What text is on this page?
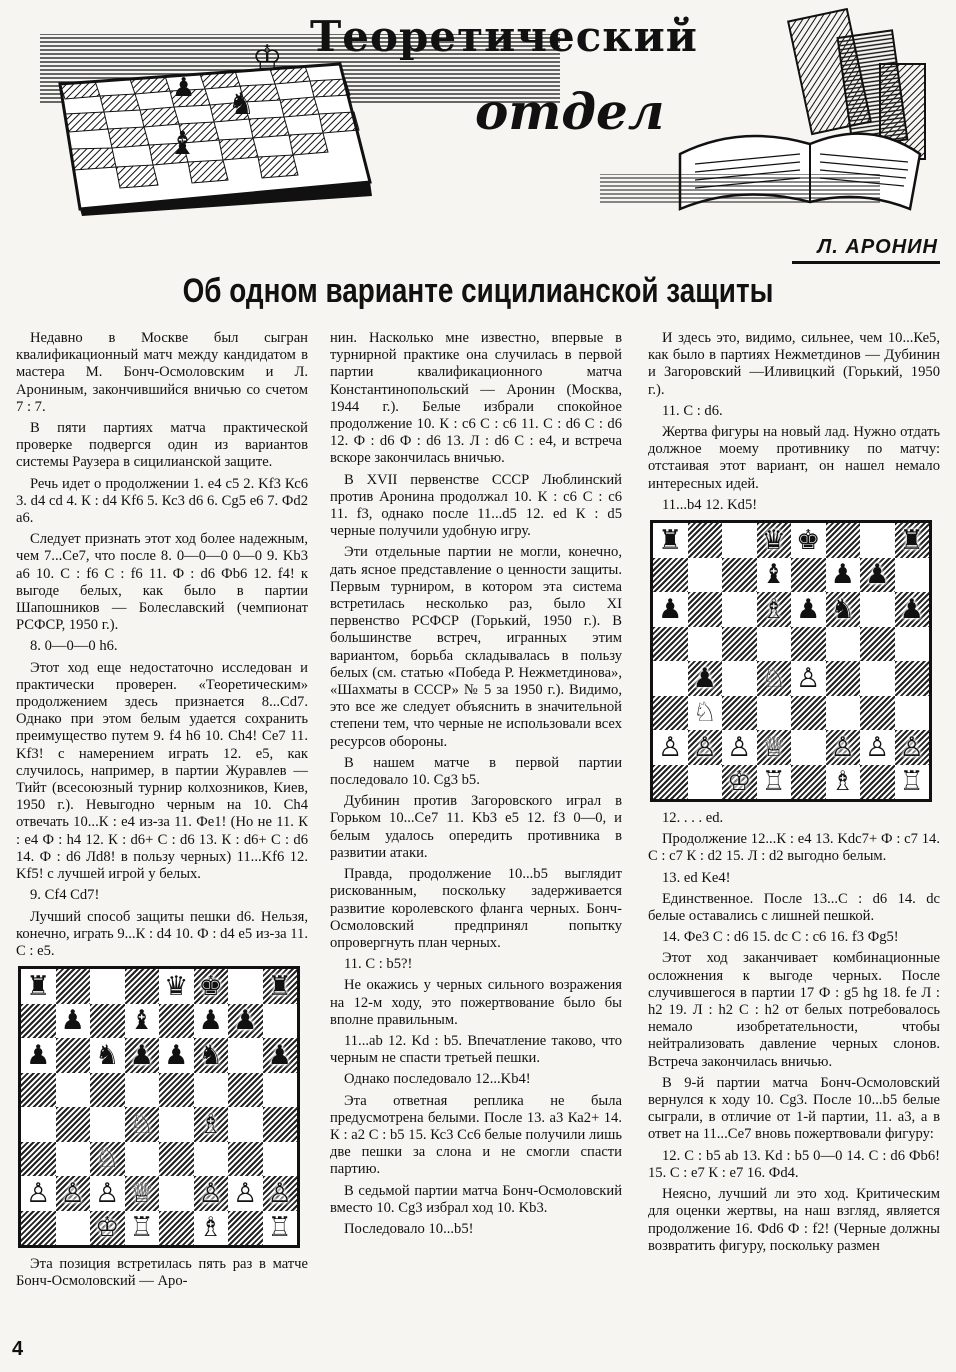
♔
♟ ♞
♝
Теоретический
отдел
Л. АРОНИН
Об одном варианте сицилианской защиты

Недавно в Москве был сыгран квалификационный матч между кандидатом в мастера М. Бонч-Осмоловским и Л. Арониным, закончившийся вничью со счетом 7 : 7.

В пяти партиях матча практической проверке подвергся один из вариантов системы Раузера в сицилианской защите.

Речь идет о продолжении 1. е4 с5 2. Kf3 Кс6 3. d4 cd 4. К : d4 Kf6 5. Кс3 d6 6. Cg5 e6 7. Фd2 a6.

Следует признать этот ход более надежным, чем 7...Се7, что после 8. 0—0—0 0—0 9. Kb3 a6 10. С : f6 С : f6 11. Ф : d6 Фb6 12. f4! к выгоде белых, как было в партии Шапошников — Болеславский (чемпионат РСФСР, 1950 г.).

8. 0—0—0 h6.

Этот ход еще недостаточно исследован и практически проверен. «Теоретическим» продолжением здесь признается 8...Cd7. Однако при этом белым удается сохранить преимущество путем 9. f4 h6 10. Ch4! Се7 11. Kf3! с намерением играть 12. е5, как случилось, например, в партии Журавлев — Тийт (всесоюзный турнир колхозников, Киев, 1950 г.). Невыгодно черным на 10. Ch4 отвечать 10...К : е4 из-за 11. Фе1! (Но не 11. К : е4 Ф : h4 12. К : d6+ С : d6 13. К : d6+ С : d6 14. Ф : d6 Лd8! в пользу черных) 11...Kf6 12. Kf5! с лучшей игрой у белых.

9. Cf4 Cd7!

Лучший способ защиты пешки d6. Нельзя, конечно, играть 9...К : d4 10. Ф : d4 е5 из-за 11. С : е5.

♜	♛ ♚ ♜
♟ ♝ ♟ ♟
♟ ♞ ♟ ♟ ♞ ♟
♘ ♗
♘
♙ ♙ ♙ ♕ ♙ ♙ ♙
♔ ♖ ♗ ♖

Эта позиция встретилась пять раз в матче Бонч-Осмоловский — Аро-

нин. Насколько мне известно, впервые в турнирной практике она случилась в первой партии квалификационного матча Константинопольский — Аронин (Москва, 1944 г.). Белые избрали спокойное продолжение 10. К : с6 С : с6 11. С : d6 С : d6 12. Ф : d6 Ф : d6 13. Л : d6 С : е4, и встреча вскоре закончилась вничью.

В XVII первенстве СССР Люблинский против Аронина продолжал 10. К : с6 С : с6 11. f3, однако после 11...d5 12. ed К : d5 черные получили удобную игру.

Эти отдельные партии не могли, конечно, дать ясное представление о ценности защиты. Первым турниром, в котором эта система встретилась несколько раз, было XI первенство РСФСР (Горький, 1950 г.). В большинстве встреч, игранных этим вариантом, борьба складывалась в пользу белых (см. статью «Победа Р. Нежметдинова», «Шахматы в СССР» № 5 за 1950 г.). Видимо, это все же следует объяснить в значительной степени тем, что черные не использовали всех ресурсов обороны.

В нашем матче в первой партии последовало 10. Cg3 b5.

Дубинин против Загоровского играл в Горьком 10...Се7 11. Kb3 е5 12. f3 0—0, и белым удалось опередить противника в развитии атаки.

Правда, продолжение 10...b5 выглядит рискованным, поскольку задерживается развитие королевского фланга черных. Бонч-Осмоловский предпринял попытку опровергнуть план черных.

11. С : b5?!

Не окажись у черных сильного возражения на 12-м ходу, это пожертвование было бы вполне правильным.

11...ab 12. Kd : b5. Впечатление таково, что черным не спасти третьей пешки.

Однако последовало 12...Kb4!

Эта ответная реплика не была предусмотрена белыми. После 13. а3 Ка2+ 14. К : а2 С : b5 15. Кс3 Сс6 белые получили лишь две пешки за слона и не смогли спасти партию.

В седьмой партии матча Бонч-Осмоловский вместо 10. Cg3 избрал ход 10. Kb3.

Последовало 10...b5!

И здесь это, видимо, сильнее, чем 10...Ке5, как было в партиях Нежметдинов — Дубинин и Загоровский —Иливицкий (Горький, 1950 г.).

11. С : d6.

Жертва фигуры на новый лад. Нужно отдать должное моему противнику по матчу: отстаивая этот вариант, он нашел немало интересных идей.

11...b4 12. Kd5!

♜	♛ ♚	♜
♝ ♟ ♟
♟	♗ ♟ ♞ ♟
♟ ♘ ♙
♘
♙ ♙ ♙ ♕ ♙ ♙ ♙
♔ ♖ ♗ ♖

12. . . . ed.

Продолжение 12...К : е4 13. Kdc7+ Ф : с7 14. С : с7 К : d2 15. Л : d2 выгодно белым.

13. ed Ke4!

Единственное. После 13...С : d6 14. dc белые оставались с лишней пешкой.

14. Фе3 С : d6 15. dc С : с6 16. f3 Фg5!

Этот ход заканчивает комбинационные осложнения к выгоде черных. После случившегося в партии 17 Ф : g5 hg 18. fe Л : h2 19. Л : h2 С : h2 от белых потребовалось немало изобретательности, чтобы нейтрализовать давление черных слонов. Встреча закончилась вничью.

В 9-й партии матча Бонч-Осмоловский вернулся к ходу 10. Cg3. После 10...b5 белые сыграли, в отличие от 1-й партии, 11. а3, а в ответ на 11...Се7 вновь пожертвовали фигуру:

12. С : b5 ab 13. Kd : b5 0—0 14. С : d6 Фb6! 15. С : е7 К : е7 16. Фd4.

Неясно, лучший ли это ход. Критическим для оценки жертвы, на наш взгляд, является продолжение 16. Фd6 Ф : f2! (Черные должны возвратить фигуру, поскольку размен

4
